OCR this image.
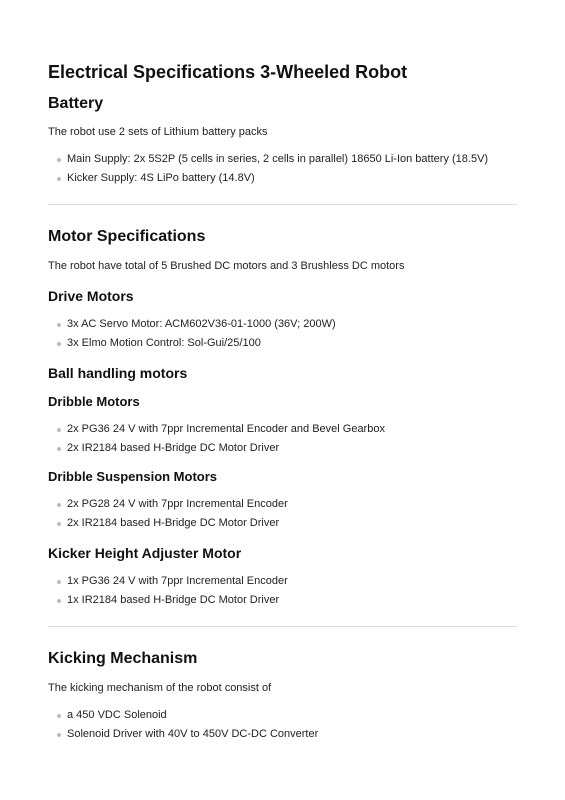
Electrical Specifications 3-Wheeled Robot
Battery

The robot use 2 sets of Lithium battery packs

Main Supply: 2x 5S2P (5 cells in series, 2 cells in parallel) 18650 Li-Ion battery (18.5V)
Kicker Supply: 4S LiPo battery (14.8V)
Motor Specifications

The robot have total of 5 Brushed DC motors and 3 Brushless DC motors

Drive Motors
3x AC Servo Motor: ACM602V36-01-1000 (36V; 200W)
3x Elmo Motion Control: Sol-Gui/25/100
Ball handling motors
Dribble Motors
2x PG36 24 V with 7ppr Incremental Encoder and Bevel Gearbox
2x IR2184 based H-Bridge DC Motor Driver
Dribble Suspension Motors
2x PG28 24 V with 7ppr Incremental Encoder
2x IR2184 based H-Bridge DC Motor Driver
Kicker Height Adjuster Motor
1x PG36 24 V with 7ppr Incremental Encoder
1x IR2184 based H-Bridge DC Motor Driver
Kicking Mechanism

The kicking mechanism of the robot consist of

a 450 VDC Solenoid
Solenoid Driver with 40V to 450V DC-DC Converter
